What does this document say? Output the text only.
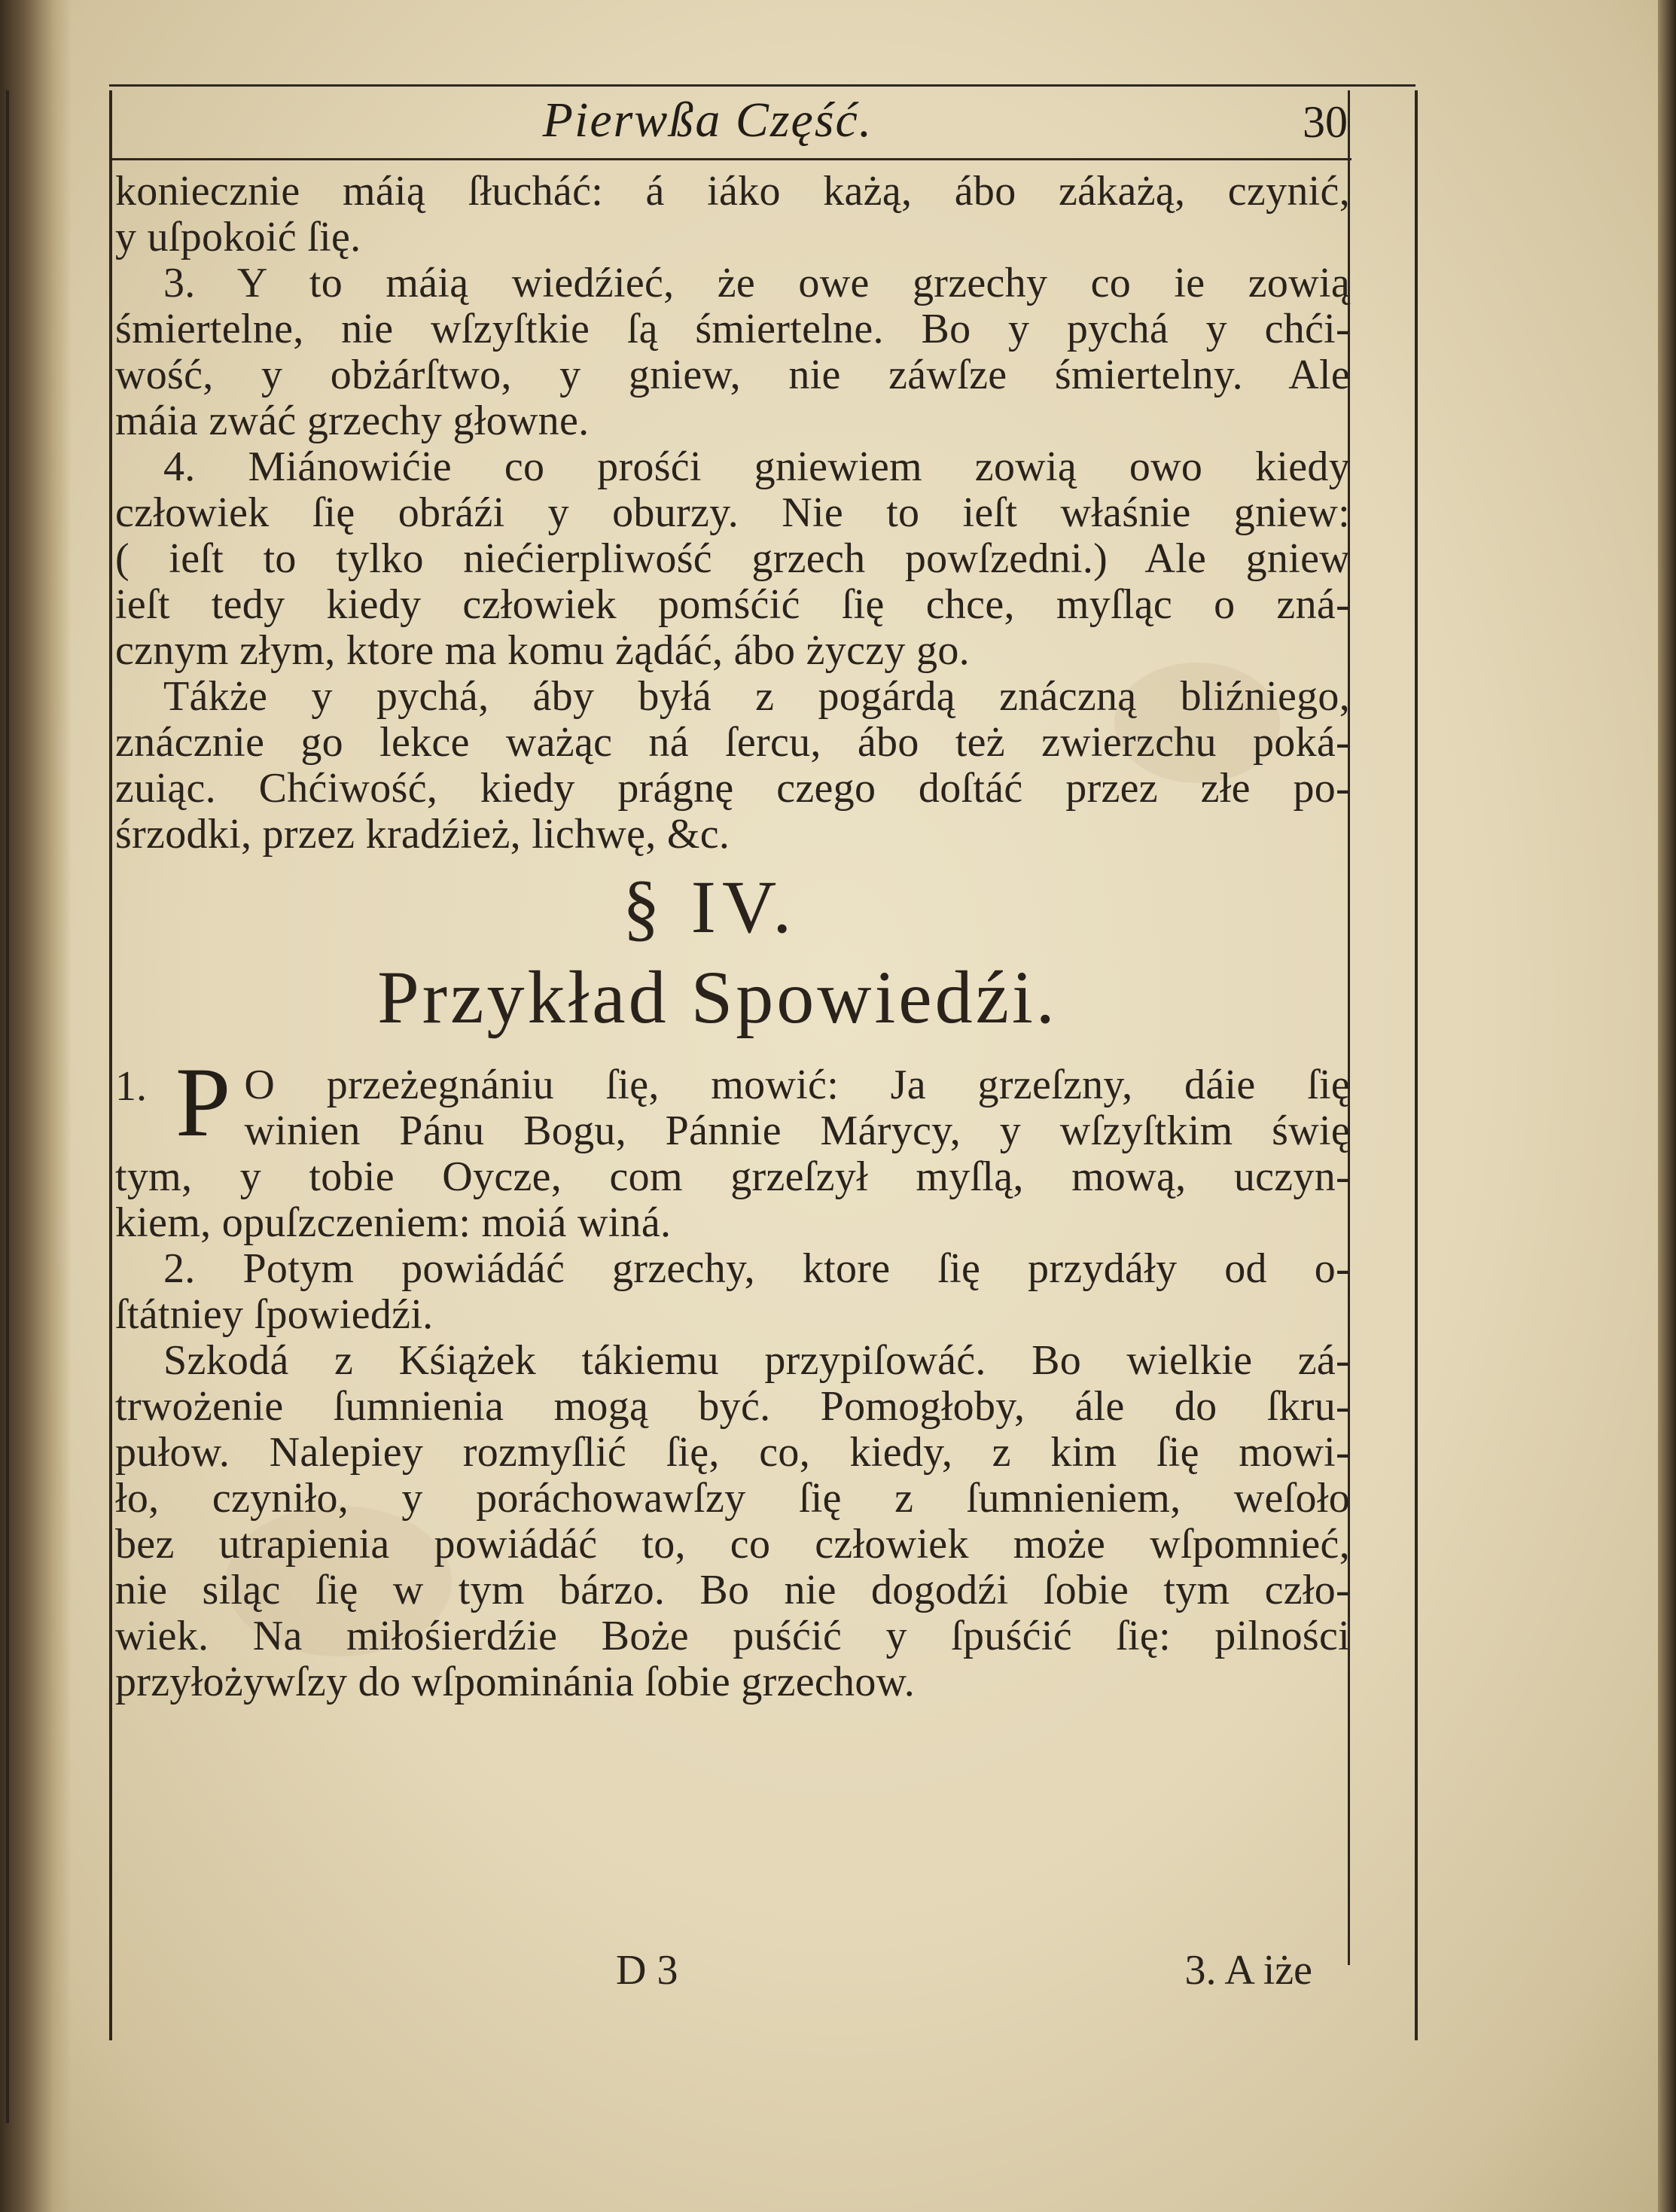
Pierwßa Część.	30
koniecznie máią ſłucháć: á iáko każą, ábo zákażą, czynić,
y uſpokoić ſię.
3. Y to máią wiedźieć, że owe grzechy co ie zowią
śmiertelne, nie wſzyſtkie ſą śmiertelne. Bo y pychá y chći-
wość, y obżárſtwo, y gniew, nie záwſze śmiertelny. Ale
máia zwáć grzechy głowne.
4. Miánowićie co prośći gniewiem zowią owo kiedy
człowiek ſię obráźi y oburzy. Nie to ieſt właśnie gniew:
( ieſt to tylko niećierpliwość grzech powſzedni.) Ale gniew
ieſt tedy kiedy człowiek pomśćić ſię chce, myſląc o zná-
cznym złym, ktore ma komu żądáć, ábo życzy go.
Tákże y pychá, áby byłá z pogárdą znáczną bliźniego,
znácznie go lekce ważąc ná ſercu, ábo też zwierzchu poká-
zuiąc. Chćiwość, kiedy prágnę czego doſtáć przez złe po-
śrzodki, przez kradźież, lichwę, &c.
§ IV.
Przykład Spowiedźi.
1. P O przeżegnániu ſię, mowić: Ja grzeſzny, dáie ſię
winien Pánu Bogu, Pánnie Márycy, y wſzyſtkim świę
tym, y tobie Oycze, com grzeſzył myſlą, mową, uczyn-
kiem, opuſzczeniem: moiá winá.
2. Potym powiádáć grzechy, ktore ſię przydáły od o-
ſtátniey ſpowiedźi.
Szkodá z Kśiążek tákiemu przypiſowáć. Bo wielkie zá-
trwożenie ſumnienia mogą być. Pomogłoby, ále do ſkru-
pułow. Nalepiey rozmyſlić ſię, co, kiedy, z kim ſię mowi-
ło, czyniło, y poráchowawſzy ſię z ſumnieniem, weſoło
bez utrapienia powiádáć to, co człowiek może wſpomnieć,
nie siląc ſię w tym bárzo. Bo nie dogodźi ſobie tym czło-
wiek. Na miłośierdźie Boże puśćić y ſpuśćić ſię: pilności
przyłożywſzy do wſpominánia ſobie grzechow.
D 3	3. A iże
